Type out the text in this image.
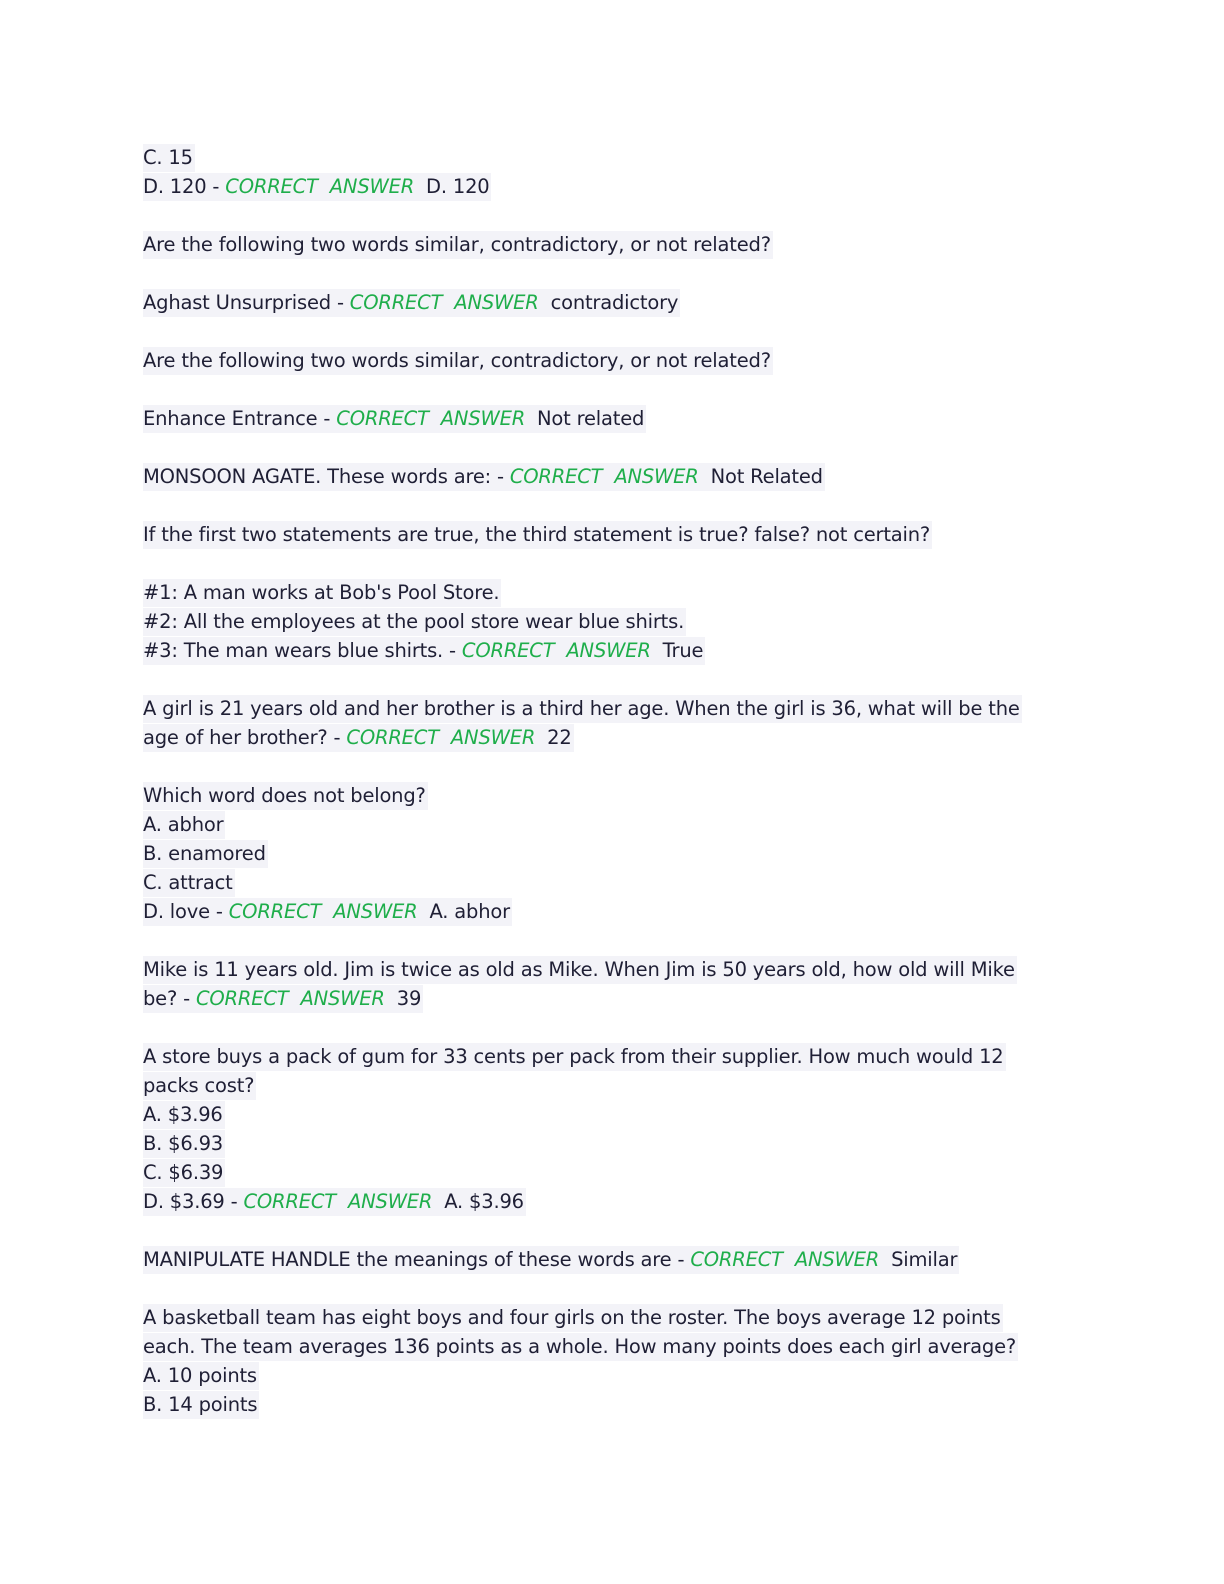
C. 15
D. 120 - CORRECT  ANSWER D. 120
Are the following two words similar, contradictory, or not related?
Aghast Unsurprised - CORRECT  ANSWER contradictory
Are the following two words similar, contradictory, or not related?
Enhance Entrance - CORRECT  ANSWER Not related
MONSOON AGATE. These words are: - CORRECT  ANSWER Not Related
If the first two statements are true, the third statement is true? false? not certain?
#1: A man works at Bob's Pool Store.
#2: All the employees at the pool store wear blue shirts.
#3: The man wears blue shirts. - CORRECT  ANSWER True
A girl is 21 years old and her brother is a third her age. When the girl is 36, what will be the
age of her brother? - CORRECT  ANSWER 22
Which word does not belong?
A. abhor
B. enamored
C. attract
D. love - CORRECT  ANSWER A. abhor
Mike is 11 years old. Jim is twice as old as Mike. When Jim is 50 years old, how old will Mike
be? - CORRECT  ANSWER 39
A store buys a pack of gum for 33 cents per pack from their supplier. How much would 12
packs cost?
A. $3.96
B. $6.93
C. $6.39
D. $3.69 - CORRECT  ANSWER A. $3.96
MANIPULATE HANDLE the meanings of these words are - CORRECT  ANSWER Similar
A basketball team has eight boys and four girls on the roster. The boys average 12 points
each. The team averages 136 points as a whole. How many points does each girl average?
A. 10 points
B. 14 points
